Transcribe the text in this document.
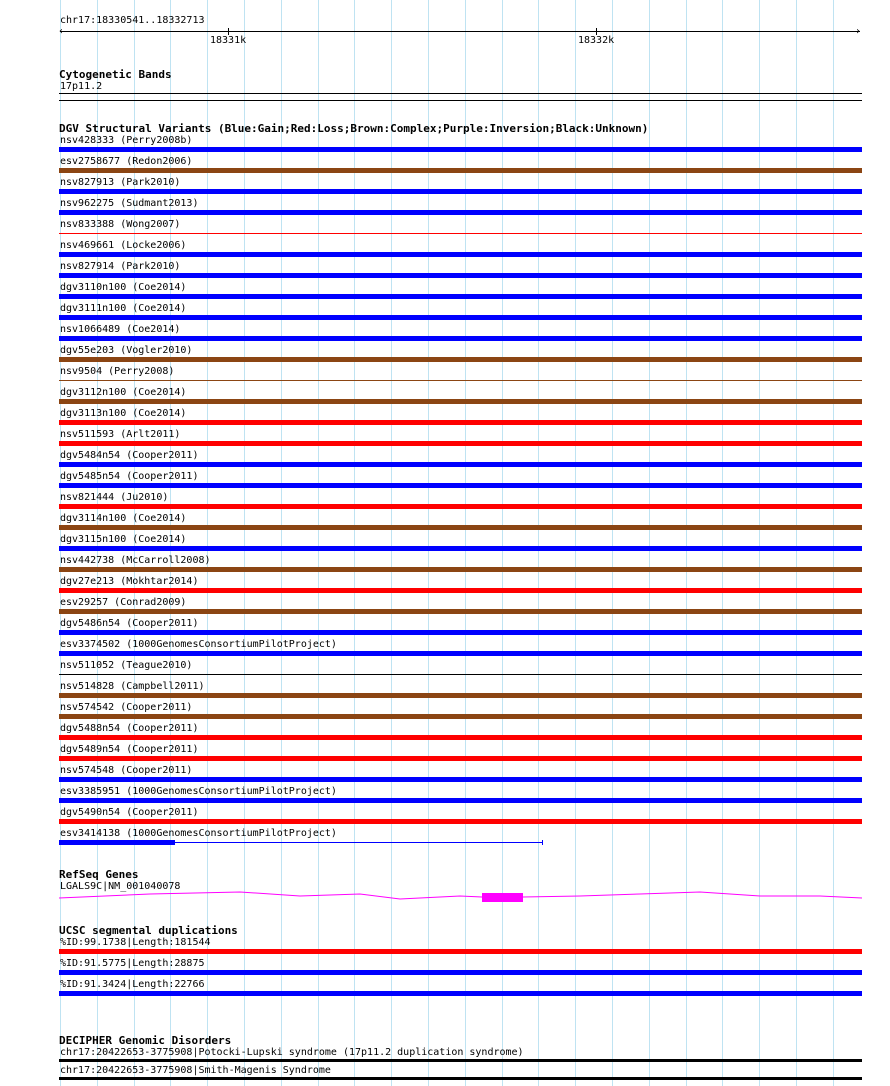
chr17:18330541..18332713
‹	›
18331k	18332k
Cytogenetic Bands
17p11.2
DGV Structural Variants (Blue:Gain;Red:Loss;Brown:Complex;Purple:Inversion;Black:Unknown)
nsv428333 (Perry2008b)
esv2758677 (Redon2006)
nsv827913 (Park2010)
nsv962275 (Sudmant2013)
nsv833388 (Wong2007)
nsv469661 (Locke2006)
nsv827914 (Park2010)
dgv3110n100 (Coe2014)
dgv3111n100 (Coe2014)
nsv1066489 (Coe2014)
dgv55e203 (Vogler2010)
nsv9504 (Perry2008)
dgv3112n100 (Coe2014)
dgv3113n100 (Coe2014)
nsv511593 (Arlt2011)
dgv5484n54 (Cooper2011)
dgv5485n54 (Cooper2011)
nsv821444 (Ju2010)
dgv3114n100 (Coe2014)
dgv3115n100 (Coe2014)
nsv442738 (McCarroll2008)
dgv27e213 (Mokhtar2014)
esv29257 (Conrad2009)
dgv5486n54 (Cooper2011)
esv3374502 (1000GenomesConsortiumPilotProject)
nsv511052 (Teague2010)
nsv514828 (Campbell2011)
nsv574542 (Cooper2011)
dgv5488n54 (Cooper2011)
dgv5489n54 (Cooper2011)
nsv574548 (Cooper2011)
esv3385951 (1000GenomesConsortiumPilotProject)
dgv5490n54 (Cooper2011)
esv3414138 (1000GenomesConsortiumPilotProject)
RefSeq Genes
LGALS9C|NM_001040078
UCSC segmental duplications
%ID:99.1738|Length:181544
%ID:91.5775|Length:28875
%ID:91.3424|Length:22766
DECIPHER Genomic Disorders
chr17:20422653-3775908|Potocki-Lupski syndrome (17p11.2 duplication syndrome)
chr17:20422653-3775908|Smith-Magenis Syndrome
